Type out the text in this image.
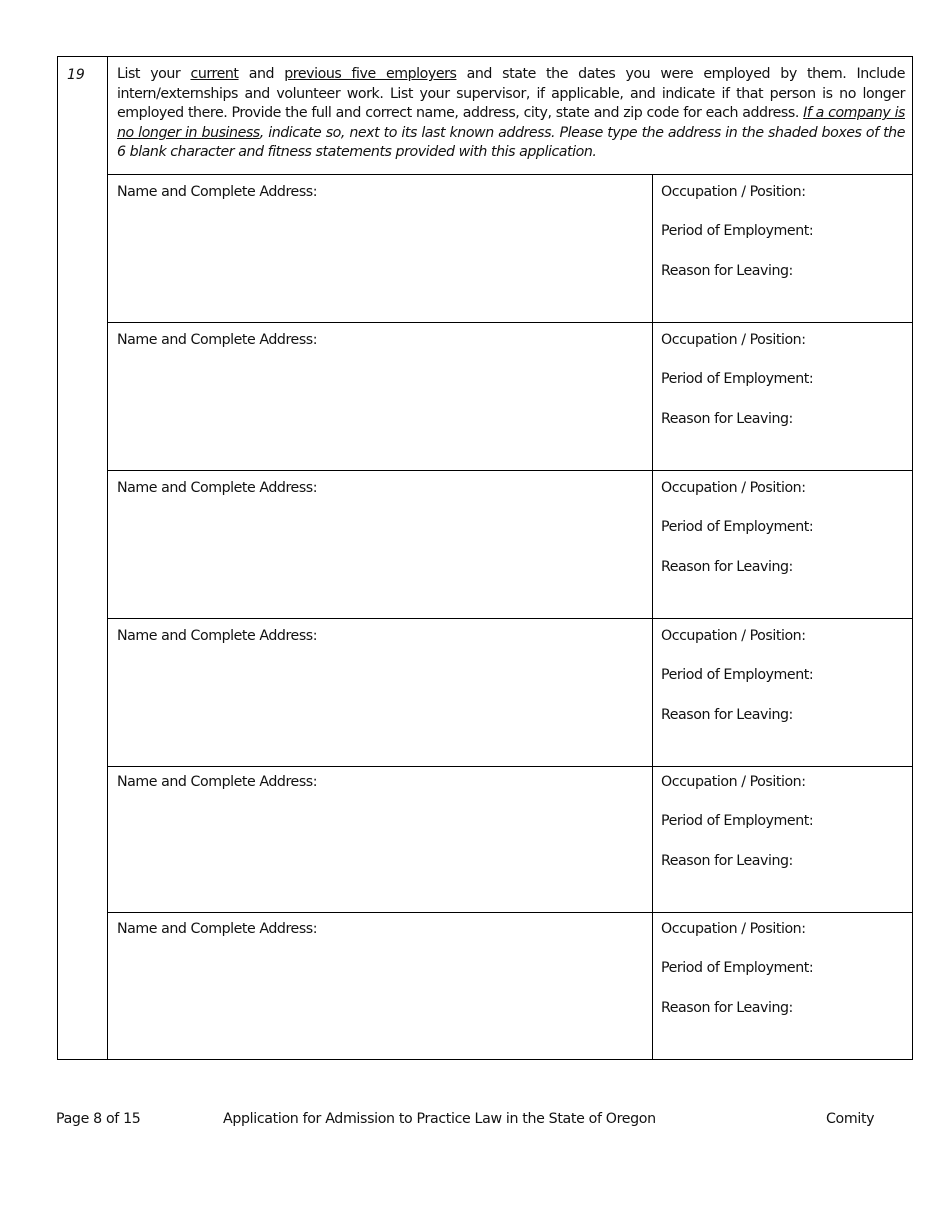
19	List your current and previous five employers and state the dates you were employed by them. Include intern/externships and volunteer work. List your supervisor, if applicable, and indicate if that person is no longer employed there. Provide the full and correct name, address, city, state and zip code for each address. If a company is no longer in business, indicate so, next to its last known address. Please type the address in the shaded boxes of the 6 blank character and fitness statements provided with this application.
Name and Complete Address:	Occupation / Position:
Period of Employment:
Reason for Leaving:
Name and Complete Address:	Occupation / Position:
Period of Employment:
Reason for Leaving:
Name and Complete Address:	Occupation / Position:
Period of Employment:
Reason for Leaving:
Name and Complete Address:	Occupation / Position:
Period of Employment:
Reason for Leaving:
Name and Complete Address:	Occupation / Position:
Period of Employment:
Reason for Leaving:
Name and Complete Address:	Occupation / Position:
Period of Employment:
Reason for Leaving:
Page 8 of 15	Application for Admission to Practice Law in the State of Oregon	Comity
